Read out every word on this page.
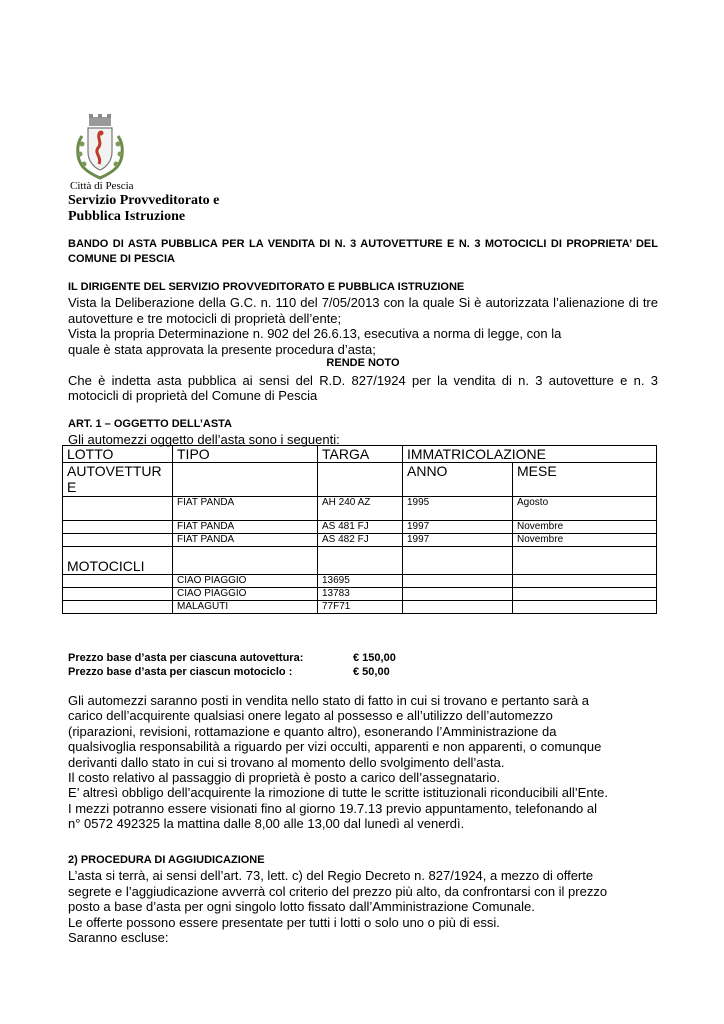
Città di Pescia
Servizio Provveditorato e
Pubblica Istruzione
BANDO DI ASTA PUBBLICA PER LA VENDITA DI N. 3 AUTOVETTURE E N. 3 MOTOCICLI DI PROPRIETA’ DEL COMUNE DI PESCIA

IL DIRIGENTE DEL SERVIZIO PROVVEDITORATO E PUBBLICA ISTRUZIONE

Vista la Deliberazione della G.C. n. 110 del 7/05/2013 con la quale Si è autorizzata l’alienazione di tre autovetture e tre motocicli di proprietà dell’ente;

Vista la propria Determinazione n. 902 del 26.6.13, esecutiva a norma di legge, con la

quale è stata approvata la presente procedura d’asta;

RENDE NOTO

Che è indetta asta pubblica ai sensi del R.D. 827/1924 per la vendita di n. 3 autovetture e n. 3 motocicli di proprietà del Comune di Pescia

ART. 1 – OGGETTO DELL’ASTA

Gli automezzi oggetto dell’asta sono i seguenti:

LOTTO	TIPO	TARGA	IMMATRICOLAZIONE	
AUTOVETTURE			ANNO	MESE
	FIAT PANDA	AH 240 AZ	1995	Agosto
	FIAT PANDA	AS 481 FJ	1997	Novembre
	FIAT PANDA	AS 482 FJ	1997	Novembre
MOTOCICLI				
	CIAO PIAGGIO	13695		
	CIAO PIAGGIO	13783		
	MALAGUTI	77F71		
Prezzo base d’asta per ciascuna autovettura:	€ 150,00
Prezzo base d’asta per ciascun motociclo :	€ 50,00

Gli automezzi saranno posti in vendita nello stato di fatto in cui si trovano e pertanto sarà a

carico dell’acquirente qualsiasi onere legato al possesso e all’utilizzo dell’automezzo

(riparazioni, revisioni, rottamazione e quanto altro), esonerando l’Amministrazione da

qualsivoglia responsabilità a riguardo per vizi occulti, apparenti e non apparenti, o comunque

derivanti dallo stato in cui si trovano al momento dello svolgimento dell’asta.

Il costo relativo al passaggio di proprietà è posto a carico dell’assegnatario.

E’ altresì obbligo dell’acquirente la rimozione di tutte le scritte istituzionali riconducibili all’Ente.

I mezzi potranno essere visionati fino al giorno 19.7.13 previo appuntamento, telefonando al

n° 0572 492325 la mattina dalle 8,00 alle 13,00 dal lunedì al venerdì.

2) PROCEDURA DI AGGIUDICAZIONE

L’asta si terrà, ai sensi dell’art. 73, lett. c) del Regio Decreto n. 827/1924, a mezzo di offerte

segrete e l’aggiudicazione avverrà col criterio del prezzo più alto, da confrontarsi con il prezzo

posto a base d’asta per ogni singolo lotto fissato dall’Amministrazione Comunale.

Le offerte possono essere presentate per tutti i lotti o solo uno o più di essi.

Saranno escluse:
